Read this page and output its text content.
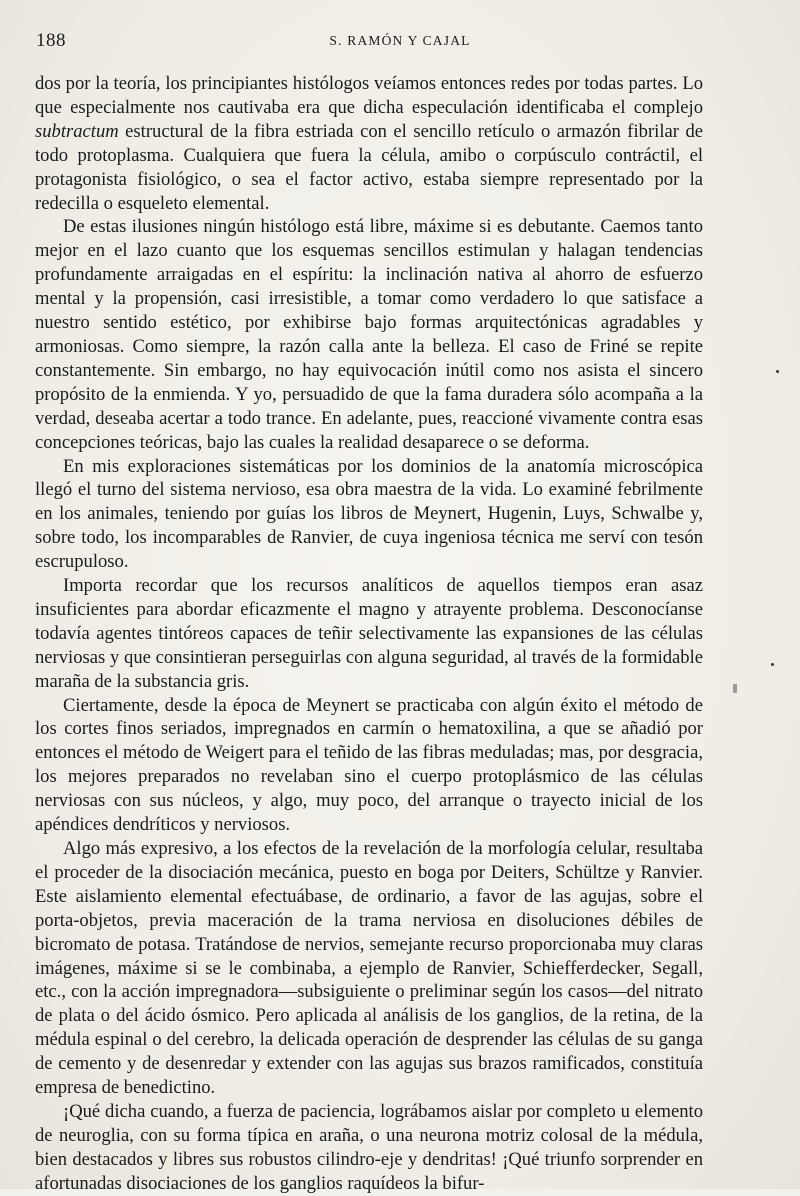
188	S. RAMÓN Y CAJAL

dos por la teoría, los principiantes histólogos veíamos entonces redes por todas partes. Lo que especialmente nos cautivaba era que dicha especulación identificaba el complejo subtractum estructural de la fibra estriada con el sencillo retículo o armazón fibrilar de todo protoplasma. Cualquiera que fuera la célula, amibo o corpúsculo contráctil, el protagonista fisiológico, o sea el factor activo, estaba siempre representado por la redecilla o esqueleto elemental.

De estas ilusiones ningún histólogo está libre, máxime si es debutante. Caemos tanto mejor en el lazo cuanto que los esquemas sencillos estimulan y halagan tendencias profundamente arraigadas en el espíritu: la inclinación nativa al ahorro de esfuerzo mental y la propensión, casi irresistible, a tomar como verdadero lo que satisface a nuestro sentido estético, por exhibirse bajo formas arquitectónicas agradables y armoniosas. Como siempre, la razón calla ante la belleza. El caso de Friné se repite constantemente. Sin embargo, no hay equivocación inútil como nos asista el sincero propósito de la enmienda. Y yo, persuadido de que la fama duradera sólo acompaña a la verdad, deseaba acertar a todo trance. En adelante, pues, reaccioné vivamente contra esas concepciones teóricas, bajo las cuales la realidad desaparece o se deforma.

En mis exploraciones sistemáticas por los dominios de la anatomía microscópica llegó el turno del sistema nervioso, esa obra maestra de la vida. Lo examiné febrilmente en los animales, teniendo por guías los libros de Meynert, Hugenin, Luys, Schwalbe y, sobre todo, los incomparables de Ranvier, de cuya ingeniosa técnica me serví con tesón escrupuloso.

Importa recordar que los recursos analíticos de aquellos tiempos eran asaz insuficientes para abordar eficazmente el magno y atrayente problema. Desconocíanse todavía agentes tintóreos capaces de teñir selectivamente las expansiones de las células nerviosas y que consintieran perseguirlas con alguna seguridad, al través de la formidable maraña de la substancia gris.

Ciertamente, desde la época de Meynert se practicaba con algún éxito el método de los cortes finos seriados, impregnados en carmín o hematoxilina, a que se añadió por entonces el método de Weigert para el teñido de las fibras meduladas; mas, por desgracia, los mejores preparados no revelaban sino el cuerpo protoplásmico de las células nerviosas con sus núcleos, y algo, muy poco, del arranque o trayecto inicial de los apéndices dendríticos y nerviosos.

Algo más expresivo, a los efectos de la revelación de la morfología celular, resultaba el proceder de la disociación mecánica, puesto en boga por Deiters, Schültze y Ranvier. Este aislamiento elemental efectuábase, de ordinario, a favor de las agujas, sobre el porta-objetos, previa maceración de la trama nerviosa en disoluciones débiles de bicromato de potasa. Tratándose de nervios, semejante recurso proporcionaba muy claras imágenes, máxime si se le combinaba, a ejemplo de Ranvier, Schiefferdecker, Segall, etc., con la acción impregnadora—subsiguiente o preliminar según los casos—del nitrato de plata o del ácido ósmico. Pero aplicada al análisis de los ganglios, de la retina, de la médula espinal o del cerebro, la delicada operación de desprender las células de su ganga de cemento y de desenredar y extender con las agujas sus brazos ramificados, constituía empresa de benedictino.

¡Qué dicha cuando, a fuerza de paciencia, lográbamos aislar por completo u elemento de neuroglia, con su forma típica en araña, o una neurona motriz colosal de la médula, bien destacados y libres sus robustos cilindro-eje y dendritas! ¡Qué triunfo sorprender en afortunadas disociaciones de los ganglios raquídeos la bifur-
